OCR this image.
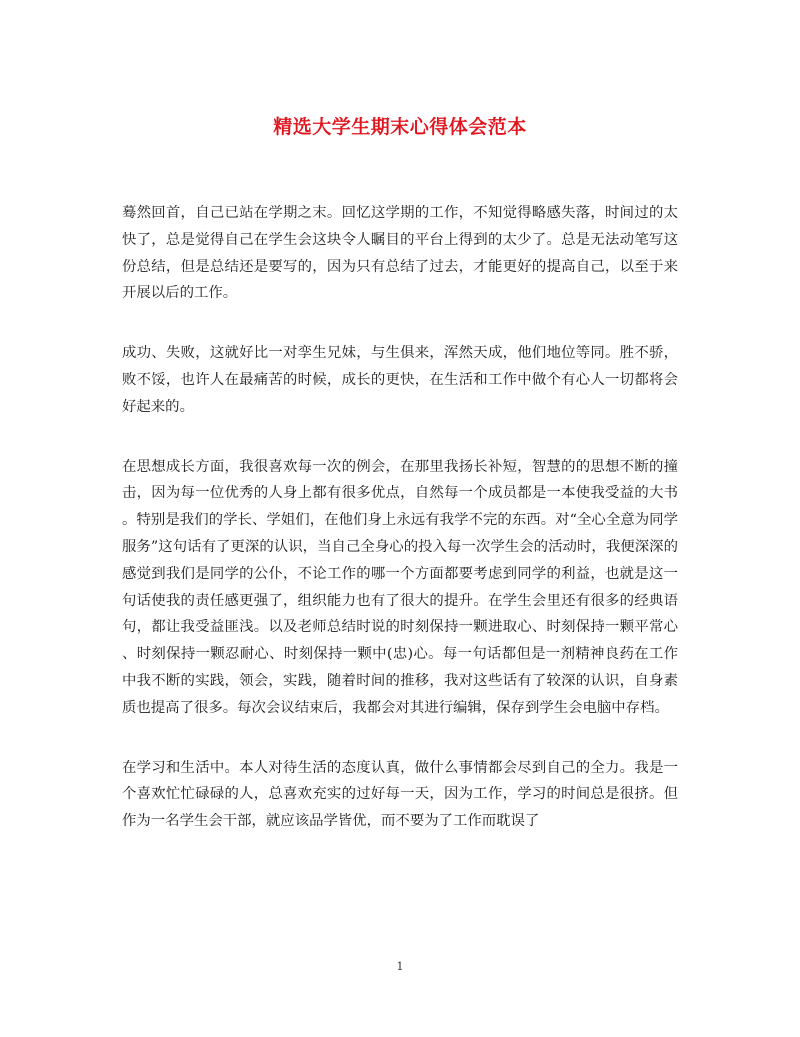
精选大学生期末心得体会范本

蓦然回首，自己已站在学期之末。回忆这学期的工作，不知觉得略感失落，时间过的太快了，总是觉得自己在学生会这块令人瞩目的平台上得到的太少了。总是无法动笔写这份总结，但是总结还是要写的，因为只有总结了过去，才能更好的提高自己，以至于来开展以后的工作。

成功、失败，这就好比一对孪生兄妹，与生俱来，浑然天成，他们地位等同。胜不骄，败不馁，也许人在最痛苦的时候，成长的更快，在生活和工作中做个有心人一切都将会好起来的。

在思想成长方面，我很喜欢每一次的例会，在那里我扬长补短，智慧的的思想不断的撞击，因为每一位优秀的人身上都有很多优点，自然每一个成员都是一本使我受益的大书。特别是我们的学长、学姐们，在他们身上永远有我学不完的东西。对“全心全意为同学服务”这句话有了更深的认识，当自己全身心的投入每一次学生会的活动时，我便深深的感觉到我们是同学的公仆，不论工作的哪一个方面都要考虑到同学的利益，也就是这一句话使我的责任感更强了，组织能力也有了很大的提升。在学生会里还有很多的经典语句，都让我受益匪浅。以及老师总结时说的时刻保持一颗进取心、时刻保持一颗平常心、时刻保持一颗忍耐心、时刻保持一颗中(忠)心。每一句话都但是一剂精神良药在工作中我不断的实践，领会，实践，随着时间的推移，我对这些话有了较深的认识，自身素质也提高了很多。每次会议结束后，我都会对其进行编辑，保存到学生会电脑中存档。

在学习和生活中。本人对待生活的态度认真，做什么事情都会尽到自己的全力。我是一个喜欢忙忙碌碌的人，总喜欢充实的过好每一天，因为工作，学习的时间总是很挤。但作为一名学生会干部，就应该品学皆优，而不要为了工作而耽误了

1
